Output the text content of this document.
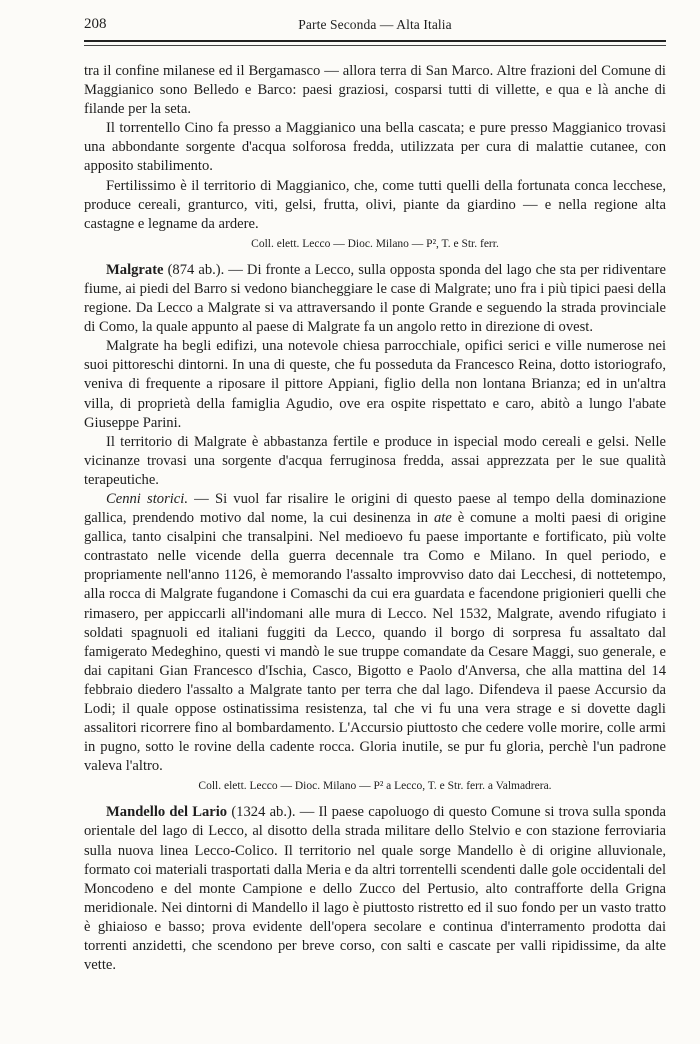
208	Parte Seconda — Alta Italia

tra il confine milanese ed il Bergamasco — allora terra di San Marco. Altre frazioni del Comune di Maggianico sono Belledo e Barco: paesi graziosi, cosparsi tutti di villette, e qua e là anche di filande per la seta.

Il torrentello Cino fa presso a Maggianico una bella cascata; e pure presso Maggianico trovasi una abbondante sorgente d'acqua solforosa fredda, utilizzata per cura di malattie cutanee, con apposito stabilimento.

Fertilissimo è il territorio di Maggianico, che, come tutti quelli della fortunata conca lecchese, produce cereali, granturco, viti, gelsi, frutta, olivi, piante da giardino — e nella regione alta castagne e legname da ardere.

Coll. elett. Lecco — Dioc. Milano — P², T. e Str. ferr.

Malgrate (874 ab.). — Di fronte a Lecco, sulla opposta sponda del lago che sta per ridiventare fiume, ai piedi del Barro si vedono biancheggiare le case di Malgrate; uno fra i più tipici paesi della regione. Da Lecco a Malgrate si va attraversando il ponte Grande e seguendo la strada provinciale di Como, la quale appunto al paese di Malgrate fa un angolo retto in direzione di ovest.

Malgrate ha begli edifizi, una notevole chiesa parrocchiale, opifici serici e ville numerose nei suoi pittoreschi dintorni. In una di queste, che fu posseduta da Francesco Reina, dotto istoriografo, veniva di frequente a riposare il pittore Appiani, figlio della non lontana Brianza; ed in un'altra villa, di proprietà della famiglia Agudio, ove era ospite rispettato e caro, abitò a lungo l'abate Giuseppe Parini.

Il territorio di Malgrate è abbastanza fertile e produce in ispecial modo cereali e gelsi. Nelle vicinanze trovasi una sorgente d'acqua ferruginosa fredda, assai apprezzata per le sue qualità terapeutiche.

Cenni storici. — Si vuol far risalire le origini di questo paese al tempo della dominazione gallica, prendendo motivo dal nome, la cui desinenza in ate è comune a molti paesi di origine gallica, tanto cisalpini che transalpini. Nel medioevo fu paese importante e fortificato, più volte contrastato nelle vicende della guerra decennale tra Como e Milano. In quel periodo, e propriamente nell'anno 1126, è memorando l'assalto improvviso dato dai Lecchesi, di nottetempo, alla rocca di Malgrate fugandone i Comaschi da cui era guardata e facendone prigionieri quelli che rimasero, per appiccarli all'indomani alle mura di Lecco. Nel 1532, Malgrate, avendo rifugiato i soldati spagnuoli ed italiani fuggiti da Lecco, quando il borgo di sorpresa fu assaltato dal famigerato Medeghino, questi vi mandò le sue truppe comandate da Cesare Maggi, suo generale, e dai capitani Gian Francesco d'Ischia, Casco, Bigotto e Paolo d'Anversa, che alla mattina del 14 febbraio diedero l'assalto a Malgrate tanto per terra che dal lago. Difendeva il paese Accursio da Lodi; il quale oppose ostinatissima resistenza, tal che vi fu una vera strage e si dovette dagli assalitori ricorrere fino al bombardamento. L'Accursio piuttosto che cedere volle morire, colle armi in pugno, sotto le rovine della cadente rocca. Gloria inutile, se pur fu gloria, perchè l'un padrone valeva l'altro.

Coll. elett. Lecco — Dioc. Milano — P² a Lecco, T. e Str. ferr. a Valmadrera.

Mandello del Lario (1324 ab.). — Il paese capoluogo di questo Comune si trova sulla sponda orientale del lago di Lecco, al disotto della strada militare dello Stelvio e con stazione ferroviaria sulla nuova linea Lecco-Colico. Il territorio nel quale sorge Mandello è di origine alluvionale, formato coi materiali trasportati dalla Meria e da altri torrentelli scendenti dalle gole occidentali del Moncodeno e del monte Campione e dello Zucco del Pertusio, alto contrafforte della Grigna meridionale. Nei dintorni di Mandello il lago è piuttosto ristretto ed il suo fondo per un vasto tratto è ghiaioso e basso; prova evidente dell'opera secolare e continua d'interramento prodotta dai torrenti anzidetti, che scendono per breve corso, con salti e cascate per valli ripidissime, da alte vette.
